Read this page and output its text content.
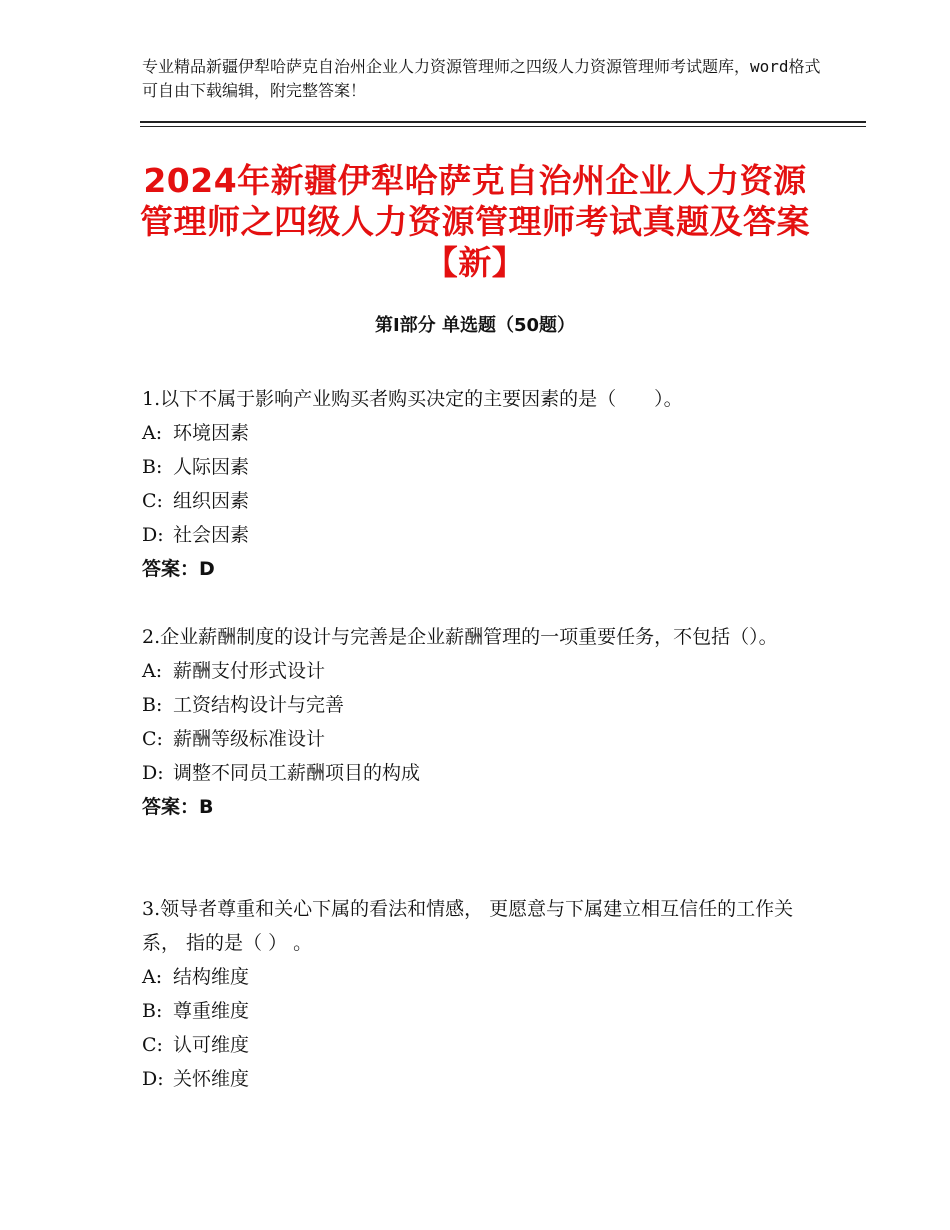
专业精品新疆伊犁哈萨克自治州企业人力资源管理师之四级人力资源管理师考试题库，word格式可自由下载编辑，附完整答案！
2024年新疆伊犁哈萨克自治州企业人力资源管理师之四级人力资源管理师考试真题及答案【新】
第Ⅰ部分 单选题（50题）

1.以下不属于影响产业购买者购买决定的主要因素的是（　　）。

A: 环境因素
B: 人际因素
C: 组织因素
D: 社会因素
答案：D

2.企业薪酬制度的设计与完善是企业薪酬管理的一项重要任务，不包括（）。

A: 薪酬支付形式设计
B: 工资结构设计与完善
C: 薪酬等级标准设计
D: 调整不同员工薪酬项目的构成
答案：B

3.领导者尊重和关心下属的看法和情感， 更愿意与下属建立相互信任的工作关系， 指的是（ ） 。

A: 结构维度
B: 尊重维度
C: 认可维度
D: 关怀维度
